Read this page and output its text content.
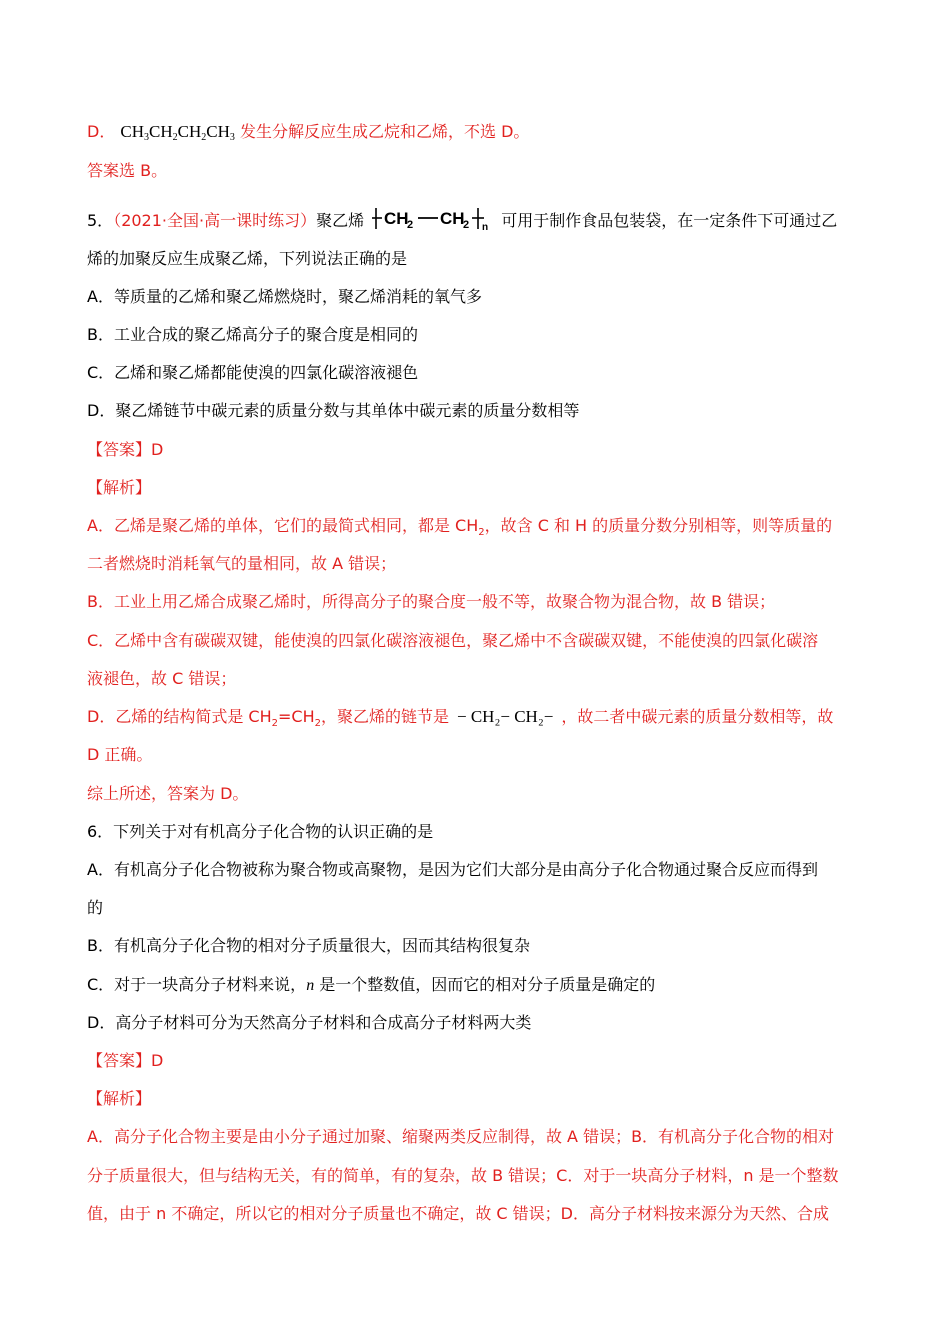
D． $CH_3CH_2CH_2CH_3$ 发生分解反应生成乙烷和乙烯，不选 D。
答案选 B。
5．（2021·全国·高一课时练习）聚乙烯 CH
2 CH
2 n 可用于制作食品包装袋，在一定条件下可通过乙
烯的加聚反应生成聚乙烯，下列说法正确的是
A．等质量的乙烯和聚乙烯燃烧时，聚乙烯消耗的氧气多
B．工业合成的聚乙烯高分子的聚合度是相同的
C．乙烯和聚乙烯都能使溴的四氯化碳溶液褪色
D．聚乙烯链节中碳元素的质量分数与其单体中碳元素的质量分数相等
【答案】D
【解析】
A．乙烯是聚乙烯的单体，它们的最简式相同，都是 $CH_2$，故含 C 和 H 的质量分数分别相等，则等质量的
二者燃烧时消耗氧气的量相同，故 A 错误；
B．工业上用乙烯合成聚乙烯时，所得高分子的聚合度一般不等，故聚合物为混合物，故 B 错误；
C．乙烯中含有碳碳双键，能使溴的四氯化碳溶液褪色，聚乙烯中不含碳碳双键，不能使溴的四氯化碳溶
液褪色，故 C 错误；
D．乙烯的结构简式是 $CH_2=CH_2$，聚乙烯的链节是 − CH₂− CH₂− ，故二者中碳元素的质量分数相等，故
D 正确。
综上所述，答案为 D。
6．下列关于对有机高分子化合物的认识正确的是
A．有机高分子化合物被称为聚合物或高聚物，是因为它们大部分是由高分子化合物通过聚合反应而得到
的
B．有机高分子化合物的相对分子质量很大，因而其结构很复杂
C．对于一块高分子材料来说，n 是一个整数值，因而它的相对分子质量是确定的
D．高分子材料可分为天然高分子材料和合成高分子材料两大类
【答案】D
【解析】
A．高分子化合物主要是由小分子通过加聚、缩聚两类反应制得，故 A 错误；B．有机高分子化合物的相对
分子质量很大，但与结构无关，有的简单，有的复杂，故 B 错误；C．对于一块高分子材料，n 是一个整数
值，由于 n 不确定，所以它的相对分子质量也不确定，故 C 错误；D．高分子材料按来源分为天然、合成
